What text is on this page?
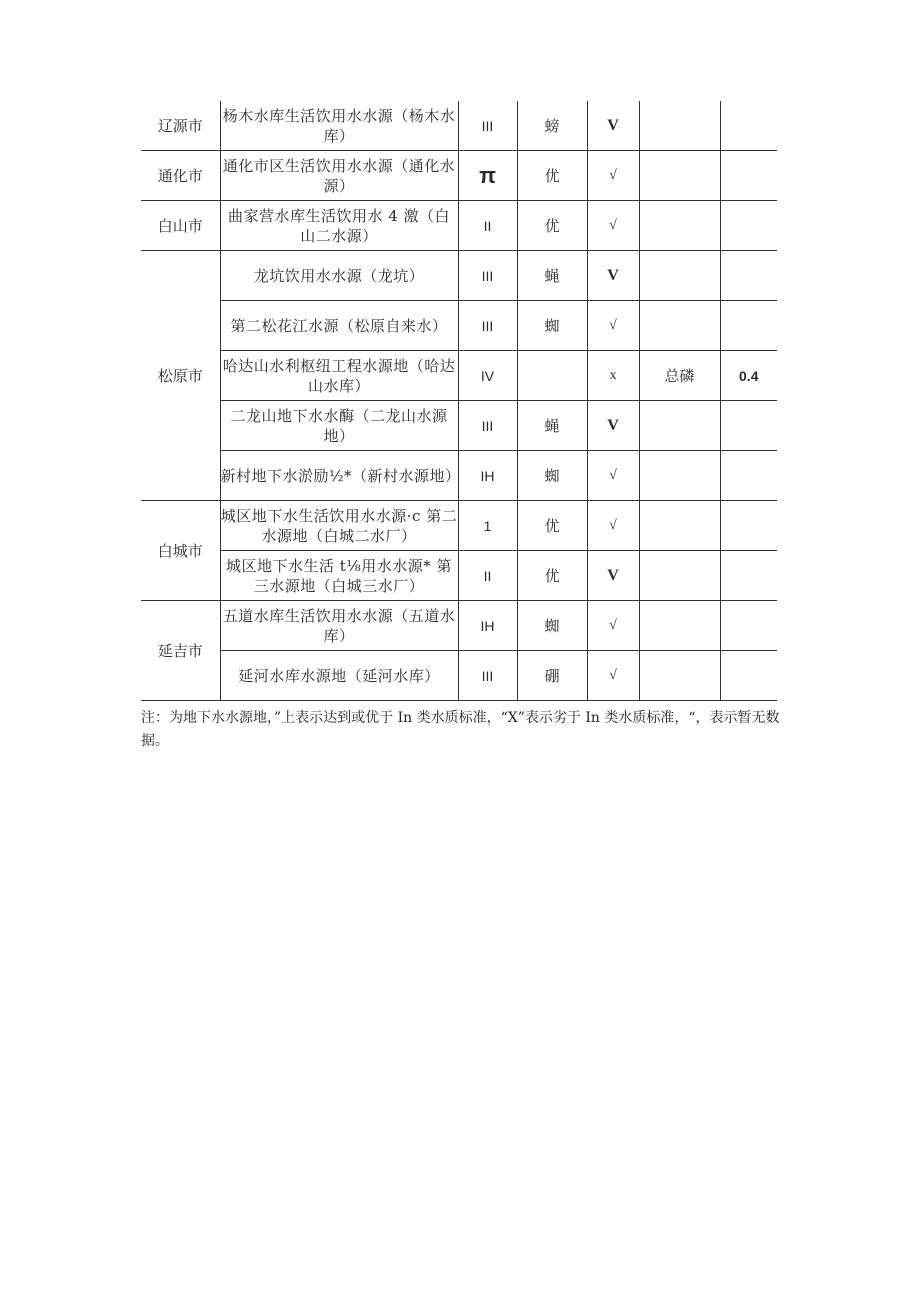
辽源市	杨木水库生活饮用水水源（杨木水库）	III	螃	V		
通化市	通化市区生活饮用水水源（通化水源）	π	优	√		
白山市	曲家营水库生活饮用水 4 激（白山二水源）	II	优	√		
松原市	龙坑饮用水水源（龙坑）	III	蝇	V		
	第二松花江水源（松原自来水）	III	蜘	√		
	哈达山水利枢纽工程水源地（哈达山水库）	IV		x	总磷	0.4
	二龙山地下水水酶（二龙山水源地）	III	蝇	V		
	新村地下水淤励½*（新村水源地）	IH	蜘	√		
白城市	城区地下水生活饮用水水源·c 第二水源地（白城二水厂）	1	优	√		
	城区地下水生活 t⅛用水水源* 第三水源地（白城三水厂）	II	优	V		
延吉市	五道水库生活饮用水水源（五道水库）	IH	蜘	√		
	延河水库水源地（延河水库）	III	硼	√		
注：为地下水水源地，”上表示达到或优于 In 类水质标准，“X”表示劣于 In 类水质标准，“，表示暂无数据。
